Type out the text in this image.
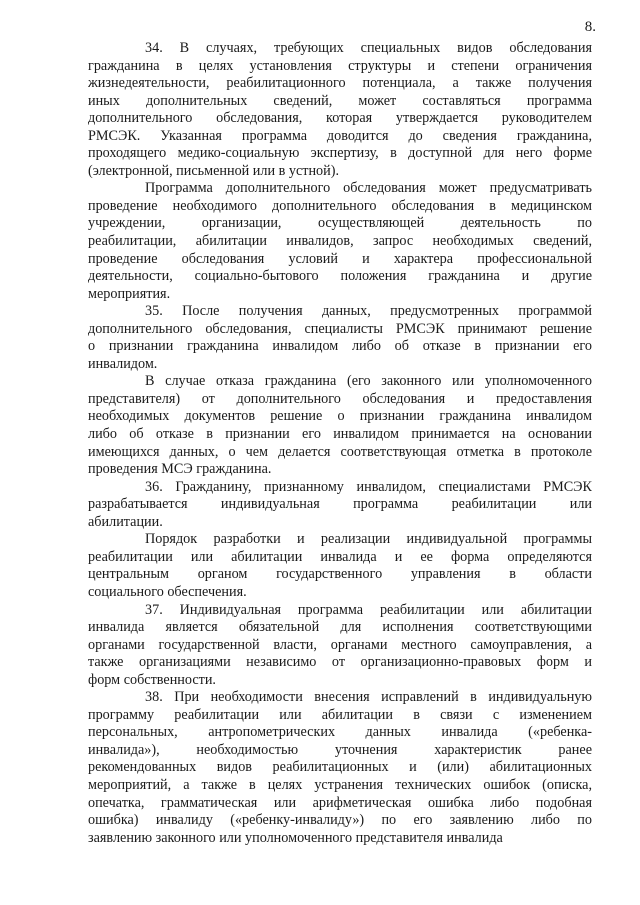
8.
34. В случаях, требующих специальных видов обследования
гражданина в целях установления структуры и степени ограничения
жизнедеятельности, реабилитационного потенциала, а также получения
иных дополнительных сведений, может составляться программа
дополнительного обследования, которая утверждается руководителем
РМСЭК. Указанная программа доводится до сведения гражданина,
проходящего медико-социальную экспертизу, в доступной для него форме
(электронной, письменной или в устной).
Программа дополнительного обследования может предусматривать
проведение необходимого дополнительного обследования в медицинском
учреждении, организации, осуществляющей деятельность по
реабилитации, абилитации инвалидов, запрос необходимых сведений,
проведение обследования условий и характера профессиональной
деятельности, социально-бытового положения гражданина и другие
мероприятия.
35. После получения данных, предусмотренных программой
дополнительного обследования, специалисты РМСЭК принимают решение
о признании гражданина инвалидом либо об отказе в признании его
инвалидом.
В случае отказа гражданина (его законного или уполномоченного
представителя) от дополнительного обследования и предоставления
необходимых документов решение о признании гражданина инвалидом
либо об отказе в признании его инвалидом принимается на основании
имеющихся данных, о чем делается соответствующая отметка в протоколе
проведения МСЭ гражданина.
36. Гражданину, признанному инвалидом, специалистами РМСЭК
разрабатывается индивидуальная программа реабилитации или
абилитации.
Порядок разработки и реализации индивидуальной программы
реабилитации или абилитации инвалида и ее форма определяются
центральным органом государственного управления в области
социального обеспечения.
37. Индивидуальная программа реабилитации или абилитации
инвалида является обязательной для исполнения соответствующими
органами государственной власти, органами местного самоуправления, а
также организациями независимо от организационно-правовых форм и
форм собственности.
38. При необходимости внесения исправлений в индивидуальную
программу реабилитации или абилитации в связи с изменением
персональных, антропометрических данных инвалида («ребенка-
инвалида»), необходимостью уточнения характеристик ранее
рекомендованных видов реабилитационных и (или) абилитационных
мероприятий, а также в целях устранения технических ошибок (описка,
опечатка, грамматическая или арифметическая ошибка либо подобная
ошибка) инвалиду («ребенку-инвалиду») по его заявлению либо по
заявлению законного или уполномоченного представителя инвалида
